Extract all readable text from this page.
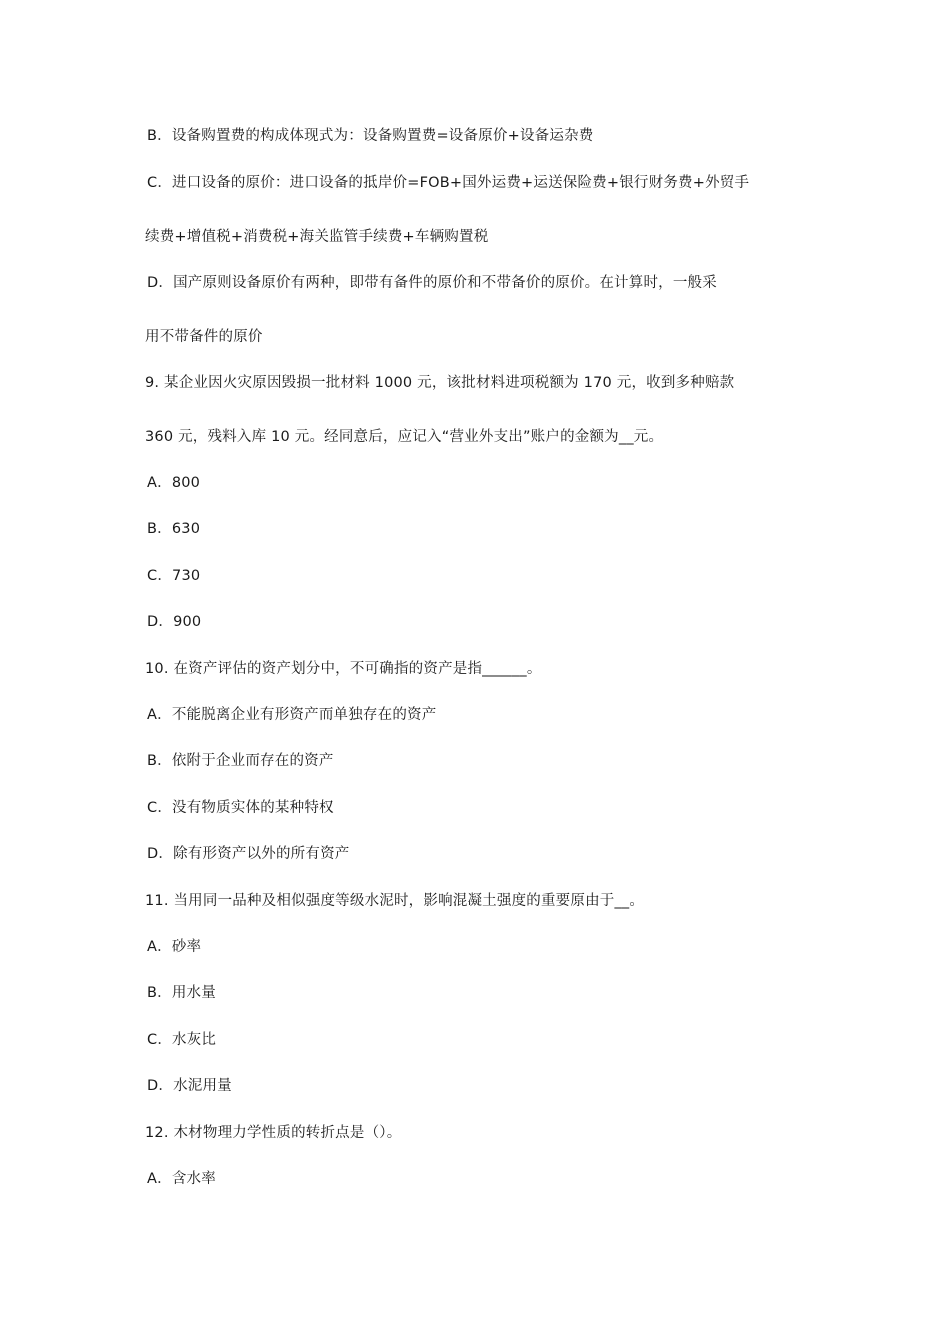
B．设备购置费的构成体现式为：设备购置费=设备原价+设备运杂费
C．进口设备的原价：进口设备的抵岸价=FOB+国外运费+运送保险费+银行财务费+外贸手
续费+增值税+消费税+海关监管手续费+车辆购置税
D．国产原则设备原价有两种，即带有备件的原价和不带备价的原价。在计算时，一般采
用不带备件的原价
9. 某企业因火灾原因毁损一批材料 1000 元，该批材料进项税额为 170 元，收到多种赔款
360 元，残料入库 10 元。经同意后，应记入“营业外支出”账户的金额为__元。
A．800
B．630
C．730
D．900
10. 在资产评估的资产划分中，不可确指的资产是指______。
A．不能脱离企业有形资产而单独存在的资产
B．依附于企业而存在的资产
C．没有物质实体的某种特权
D．除有形资产以外的所有资产
11. 当用同一品种及相似强度等级水泥时，影响混凝土强度的重要原由于__。
A．砂率
B．用水量
C．水灰比
D．水泥用量
12. 木材物理力学性质的转折点是（）。
A．含水率
